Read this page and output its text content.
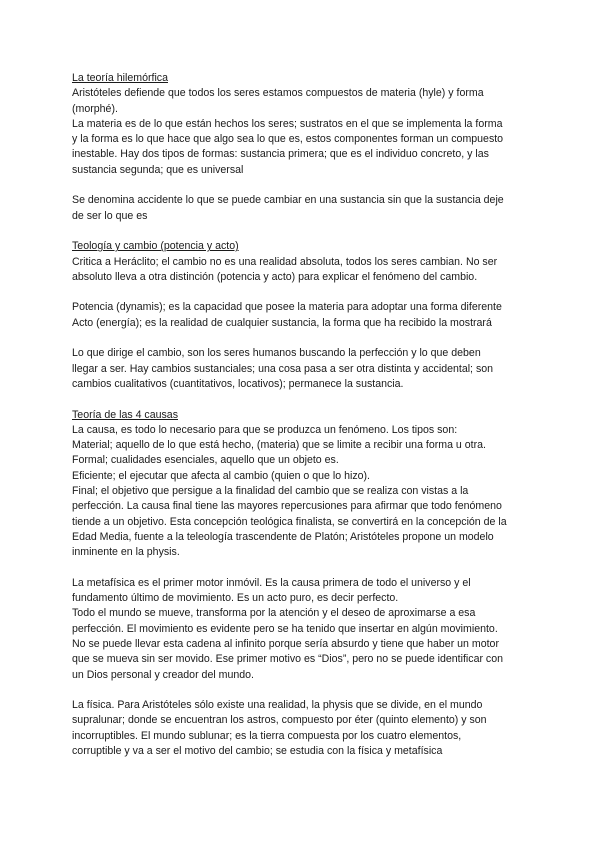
La teoría hilemórfica
Aristóteles defiende que todos los seres estamos compuestos de materia (hyle) y forma
(morphé).
La materia es de lo que están hechos los seres; sustratos en el que se implementa la forma
y la forma es lo que hace que algo sea lo que es, estos componentes forman un compuesto
inestable. Hay dos tipos de formas: sustancia primera; que es el individuo concreto, y las
sustancia segunda; que es universal
Se denomina accidente lo que se puede cambiar en una sustancia sin que la sustancia deje
de ser lo que es
Teología y cambio (potencia y acto)
Critica a Heráclito; el cambio no es una realidad absoluta, todos los seres cambian. No ser
absoluto lleva a otra distinción (potencia y acto) para explicar el fenómeno del cambio.
Potencia (dynamis); es la capacidad que posee la materia para adoptar una forma diferente
Acto (energía); es la realidad de cualquier sustancia, la forma que ha recibido la mostrará
Lo que dirige el cambio, son los seres humanos buscando la perfección y lo que deben
llegar a ser. Hay cambios sustanciales; una cosa pasa a ser otra distinta y accidental; son
cambios cualitativos (cuantitativos, locativos); permanece la sustancia.
Teoría de las 4 causas
La causa, es todo lo necesario para que se produzca un fenómeno. Los tipos son:
Material; aquello de lo que está hecho, (materia) que se limite a recibir una forma u otra.
Formal; cualidades esenciales, aquello que un objeto es.
Eficiente; el ejecutar que afecta al cambio (quien o que lo hizo).
Final; el objetivo que persigue a la finalidad del cambio que se realiza con vistas a la
perfección. La causa final tiene las mayores repercusiones para afirmar que todo fenómeno
tiende a un objetivo. Esta concepción teológica finalista, se convertirá en la concepción de la
Edad Media, fuente a la teleología trascendente de Platón; Aristóteles propone un modelo
inminente en la physis.
La metafísica es el primer motor inmóvil. Es la causa primera de todo el universo y el
fundamento último de movimiento. Es un acto puro, es decir perfecto.
Todo el mundo se mueve, transforma por la atención y el deseo de aproximarse a esa
perfección. El movimiento es evidente pero se ha tenido que insertar en algún movimiento.
No se puede llevar esta cadena al infinito porque sería absurdo y tiene que haber un motor
que se mueva sin ser movido. Ese primer motivo es “Dios”, pero no se puede identificar con
un Dios personal y creador del mundo.
La física. Para Aristóteles sólo existe una realidad, la physis que se divide, en el mundo
supralunar; donde se encuentran los astros, compuesto por éter (quinto elemento) y son
incorruptibles. El mundo sublunar; es la tierra compuesta por los cuatro elementos,
corruptible y va a ser el motivo del cambio; se estudia con la física y metafísica
